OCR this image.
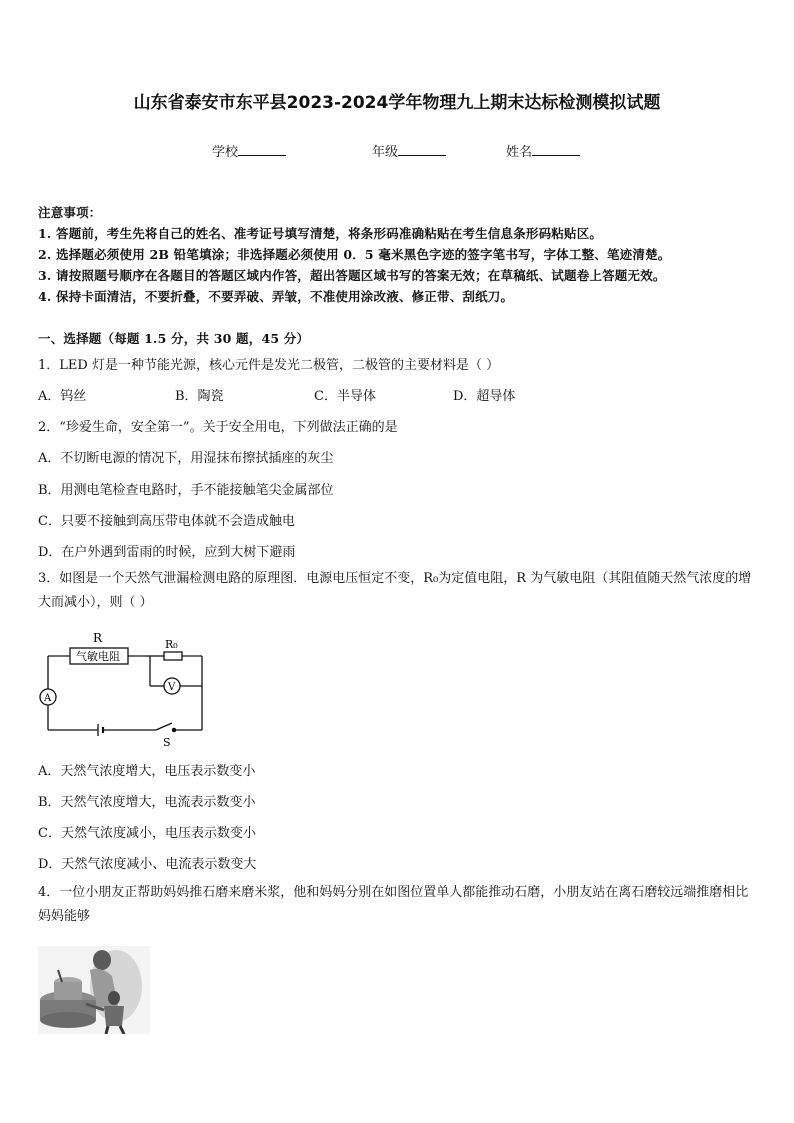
山东省泰安市东平县2023-2024学年物理九上期末达标检测模拟试题
学校	年级	姓名
注意事项：
1. 答题前，考生先将自己的姓名、准考证号填写清楚，将条形码准确粘贴在考生信息条形码粘贴区。
2. 选择题必须使用 2B 铅笔填涂；非选择题必须使用 0．5 毫米黑色字迹的签字笔书写，字体工整、笔迹清楚。
3. 请按照题号顺序在各题目的答题区域内作答，超出答题区域书写的答案无效；在草稿纸、试题卷上答题无效。
4. 保持卡面清洁，不要折叠，不要弄破、弄皱，不准使用涂改液、修正带、刮纸刀。
一、选择题（每题 1.5 分，共 30 题，45 分）
1．LED 灯是一种节能光源，核心元件是发光二极管，二极管的主要材料是（ ）
A．钨丝	B．陶瓷	C．半导体	D．超导体
2．“珍爱生命，安全第一”。关于安全用电，下列做法正确的是
A．不切断电源的情况下，用湿抹布擦拭插座的灰尘
B．用测电笔检查电路时，手不能接触笔尖金属部位
C．只要不接触到高压带电体就不会造成触电
D．在户外遇到雷雨的时候，应到大树下避雨
3．如图是一个天然气泄漏检测电路的原理图．电源电压恒定不变，R₀为定值电阻，R 为气敏电阻（其阻值随天然气浓度的增大而减小），则（ ）
R
气敏电阻
R₀
V
A
S
A．天然气浓度增大，电压表示数变小
B．天然气浓度增大，电流表示数变小
C．天然气浓度减小，电压表示数变小
D．天然气浓度减小、电流表示数变大
4．一位小朋友正帮助妈妈推石磨来磨米浆，他和妈妈分别在如图位置单人都能推动石磨，小朋友站在离石磨较远端推磨相比妈妈能够
